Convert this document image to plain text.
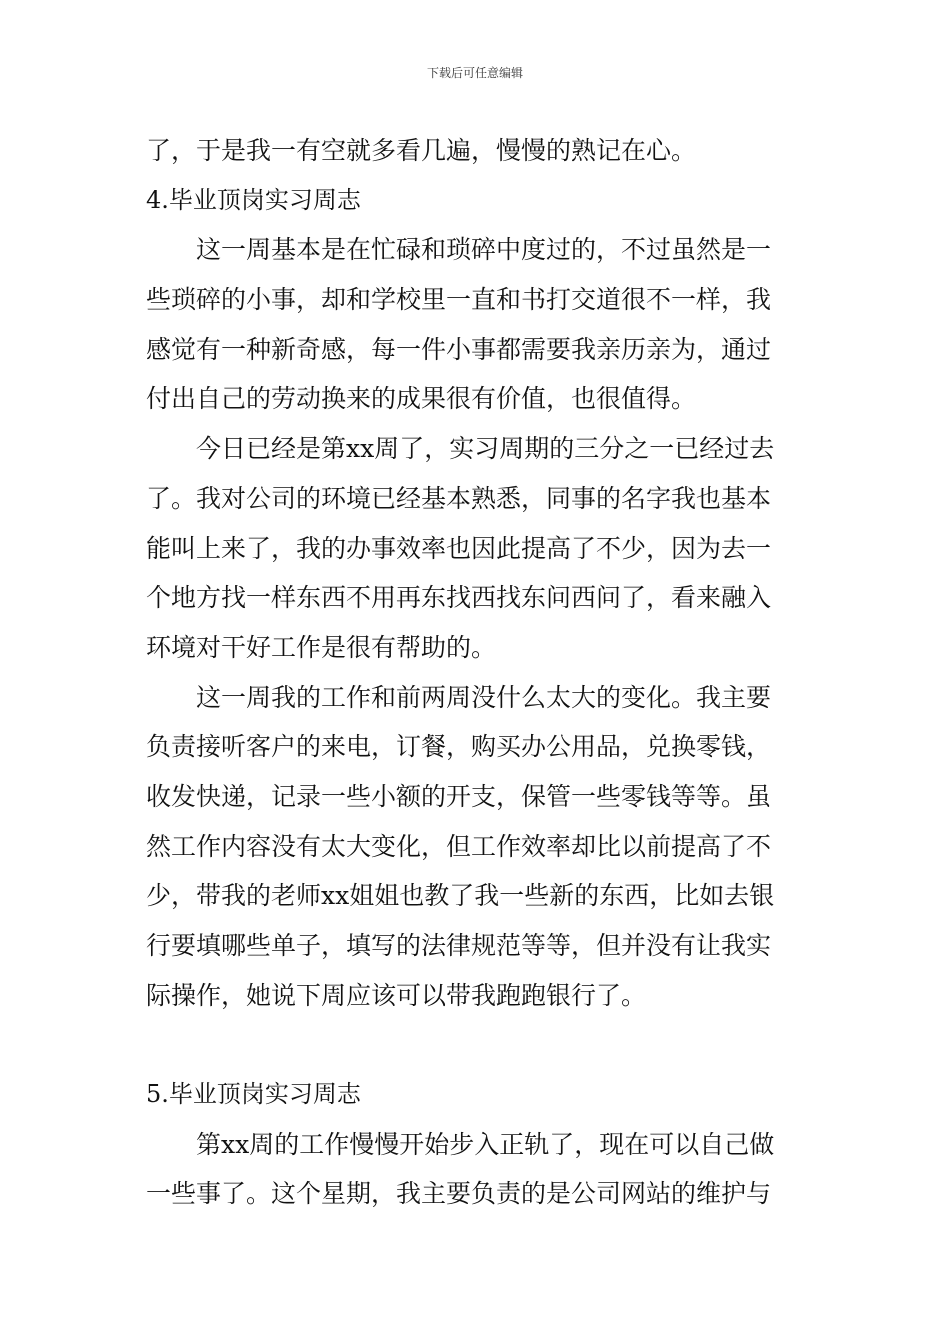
下载后可任意编辑
了，于是我一有空就多看几遍，慢慢的熟记在心。
4.毕业顶岗实习周志
这一周基本是在忙碌和琐碎中度过的，不过虽然是一
些琐碎的小事，却和学校里一直和书打交道很不一样，我
感觉有一种新奇感，每一件小事都需要我亲历亲为，通过
付出自己的劳动换来的成果很有价值，也很值得。
今日已经是第xx周了，实习周期的三分之一已经过去
了。我对公司的环境已经基本熟悉，同事的名字我也基本
能叫上来了，我的办事效率也因此提高了不少，因为去一
个地方找一样东西不用再东找西找东问西问了，看来融入
环境对干好工作是很有帮助的。
这一周我的工作和前两周没什么太大的变化。我主要
负责接听客户的来电，订餐，购买办公用品，兑换零钱，
收发快递，记录一些小额的开支，保管一些零钱等等。虽
然工作内容没有太大变化，但工作效率却比以前提高了不
少，带我的老师xx姐姐也教了我一些新的东西，比如去银
行要填哪些单子，填写的法律规范等等，但并没有让我实
际操作，她说下周应该可以带我跑跑银行了。
5.毕业顶岗实习周志
第xx周的工作慢慢开始步入正轨了，现在可以自己做
一些事了。这个星期，我主要负责的是公司网站的维护与
